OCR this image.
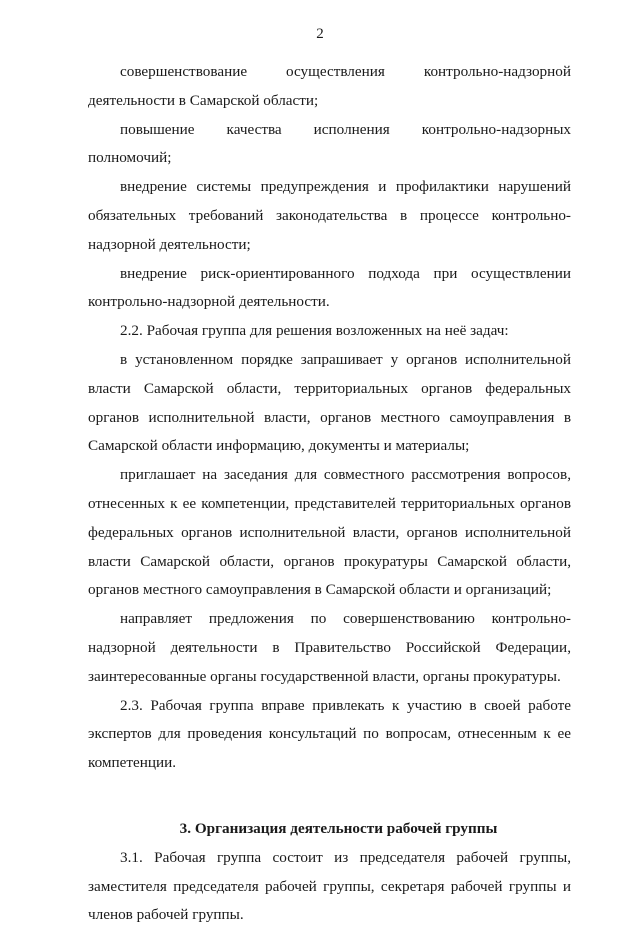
2

совершенствование осуществления контрольно-надзорной деятельности в Самарской области;

повышение качества исполнения контрольно-надзорных полномочий;

внедрение системы предупреждения и профилактики нарушений обязательных требований законодательства в процессе контрольно-надзорной деятельности;

внедрение риск-ориентированного подхода при осуществлении контрольно-надзорной деятельности.

2.2. Рабочая группа для решения возложенных на неё задач:

в установленном порядке запрашивает у органов исполнительной власти Самарской области, территориальных органов федеральных органов исполнительной власти, органов местного самоуправления в Самарской области информацию, документы и материалы;

приглашает на заседания для совместного рассмотрения вопросов, отнесенных к ее компетенции, представителей территориальных органов федеральных органов исполнительной власти, органов исполнительной власти Самарской области, органов прокуратуры Самарской области, органов местного самоуправления в Самарской области и организаций;

направляет предложения по совершенствованию контрольно-надзорной деятельности в Правительство Российской Федерации, заинтересованные органы государственной власти, органы прокуратуры.

2.3. Рабочая группа вправе привлекать к участию в своей работе экспертов для проведения консультаций по вопросам, отнесенным к ее компетенции.

3. Организация деятельности рабочей группы

3.1. Рабочая группа состоит из председателя рабочей группы, заместителя председателя рабочей группы, секретаря рабочей группы и членов рабочей группы.
